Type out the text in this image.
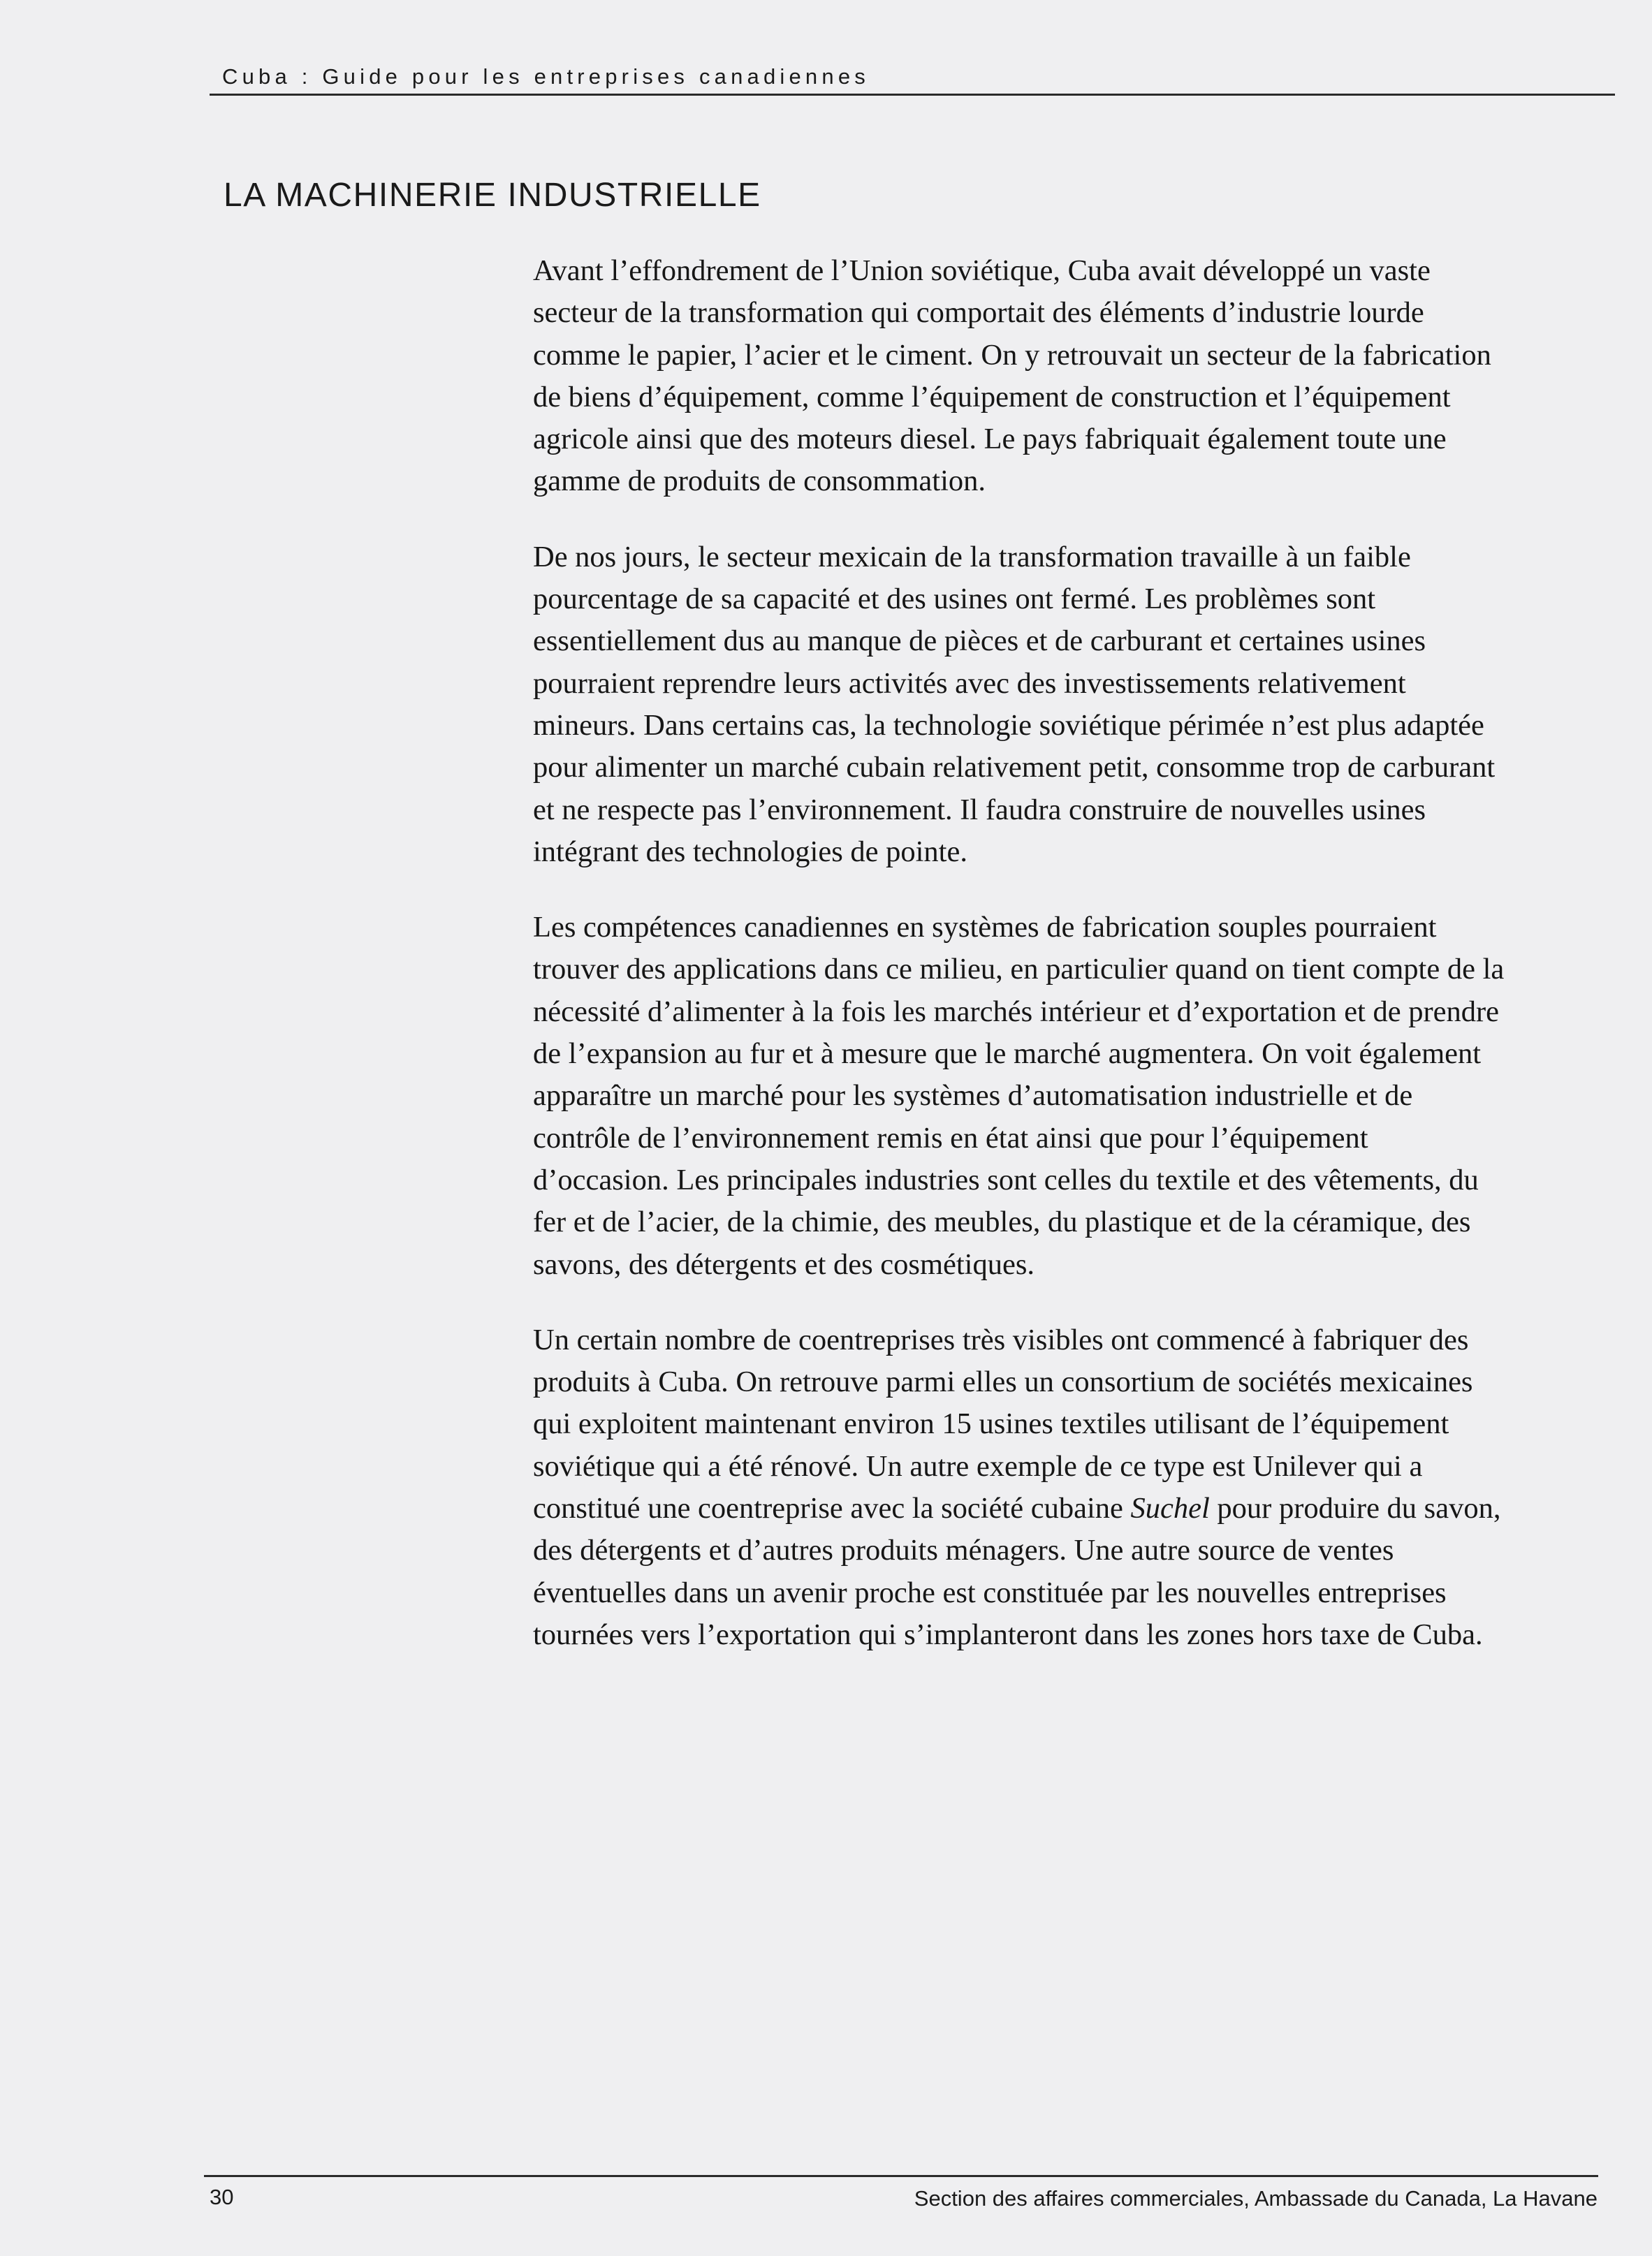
Cuba : Guide pour les entreprises canadiennes
LA MACHINERIE INDUSTRIELLE

Avant l’effondrement de l’Union soviétique, Cuba avait développé un vaste secteur de la transformation qui comportait des éléments d’industrie lourde comme le papier, l’acier et le ciment. On y retrouvait un secteur de la fabrication de biens d’équipement, comme l’équipement de construction et l’équipement agricole ainsi que des moteurs diesel. Le pays fabriquait également toute une gamme de produits de consommation.

De nos jours, le secteur mexicain de la transformation travaille à un faible pourcentage de sa capacité et des usines ont fermé. Les problèmes sont essentiellement dus au manque de pièces et de carburant et certaines usines pourraient reprendre leurs activités avec des investissements relativement mineurs. Dans certains cas, la technologie soviétique périmée n’est plus adaptée pour alimenter un marché cubain relativement petit, consomme trop de carburant et ne respecte pas l’environnement. Il faudra construire de nouvelles usines intégrant des technologies de pointe.

Les compétences canadiennes en systèmes de fabrication souples pourraient trouver des applications dans ce milieu, en particulier quand on tient compte de la nécessité d’alimenter à la fois les marchés intérieur et d’exportation et de prendre de l’expansion au fur et à mesure que le marché augmentera. On voit également apparaître un marché pour les systèmes d’automatisation industrielle et de contrôle de l’environnement remis en état ainsi que pour l’équipement d’occasion. Les principales industries sont celles du textile et des vêtements, du fer et de l’acier, de la chimie, des meubles, du plastique et de la céramique, des savons, des détergents et des cosmétiques.

Un certain nombre de coentreprises très visibles ont commencé à fabriquer des produits à Cuba. On retrouve parmi elles un consortium de sociétés mexicaines qui exploitent maintenant environ 15 usines textiles utilisant de l’équipement soviétique qui a été rénové. Un autre exemple de ce type est Unilever qui a constitué une coentreprise avec la société cubaine Suchel pour produire du savon, des détergents et d’autres produits ménagers. Une autre source de ventes éventuelles dans un avenir proche est constituée par les nouvelles entreprises tournées vers l’exportation qui s’implanteront dans les zones hors taxe de Cuba.

30	Section des affaires commerciales, Ambassade du Canada, La Havane
